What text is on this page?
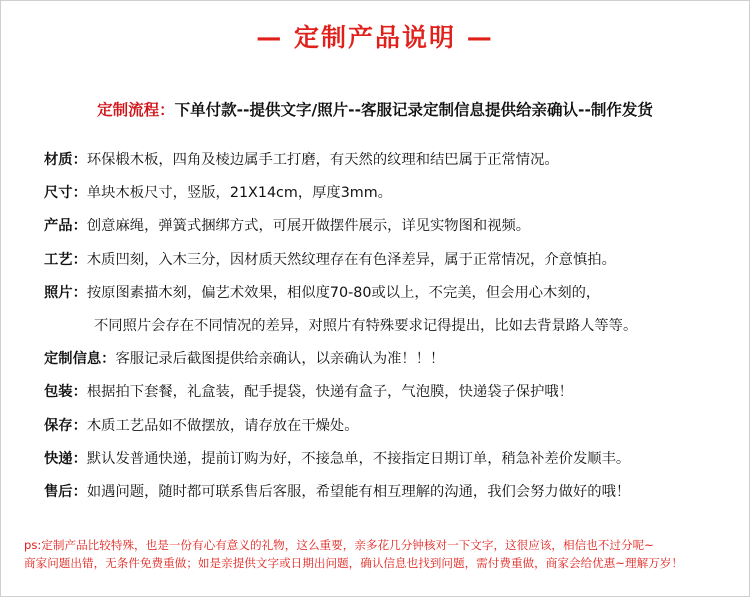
— 定制产品说明 —
定制流程：下单付款--提供文字/照片--客服记录定制信息提供给亲确认--制作发货
材质：环保椴木板，四角及棱边属手工打磨，有天然的纹理和结巴属于正常情况。
尺寸：单块木板尺寸，竖版，21X14cm，厚度3mm。
产品：创意麻绳，弹簧式捆绑方式，可展开做摆件展示，详见实物图和视频。
工艺：木质凹刻，入木三分，因材质天然纹理存在有色泽差异，属于正常情况，介意慎拍。
照片：按原图素描木刻，偏艺术效果，相似度70-80或以上，不完美，但会用心木刻的，
不同照片会存在不同情况的差异，对照片有特殊要求记得提出，比如去背景路人等等。
定制信息：客服记录后截图提供给亲确认，以亲确认为准！！！
包装：根据拍下套餐，礼盒装，配手提袋，快递有盒子，气泡膜，快递袋子保护哦！
保存：木质工艺品如不做摆放，请存放在干燥处。
快递：默认发普通快递，提前订购为好，不接急单，不接指定日期订单，稍急补差价发顺丰。
售后：如遇问题，随时都可联系售后客服，希望能有相互理解的沟通，我们会努力做好的哦！
ps:定制产品比较特殊，也是一份有心有意义的礼物，这么重要，亲多花几分钟核对一下文字，这很应该，相信也不过分呢~
商家问题出错，无条件免费重做；如是亲提供文字或日期出问题，确认信息也找到问题，需付费重做，商家会给优惠~理解万岁！
